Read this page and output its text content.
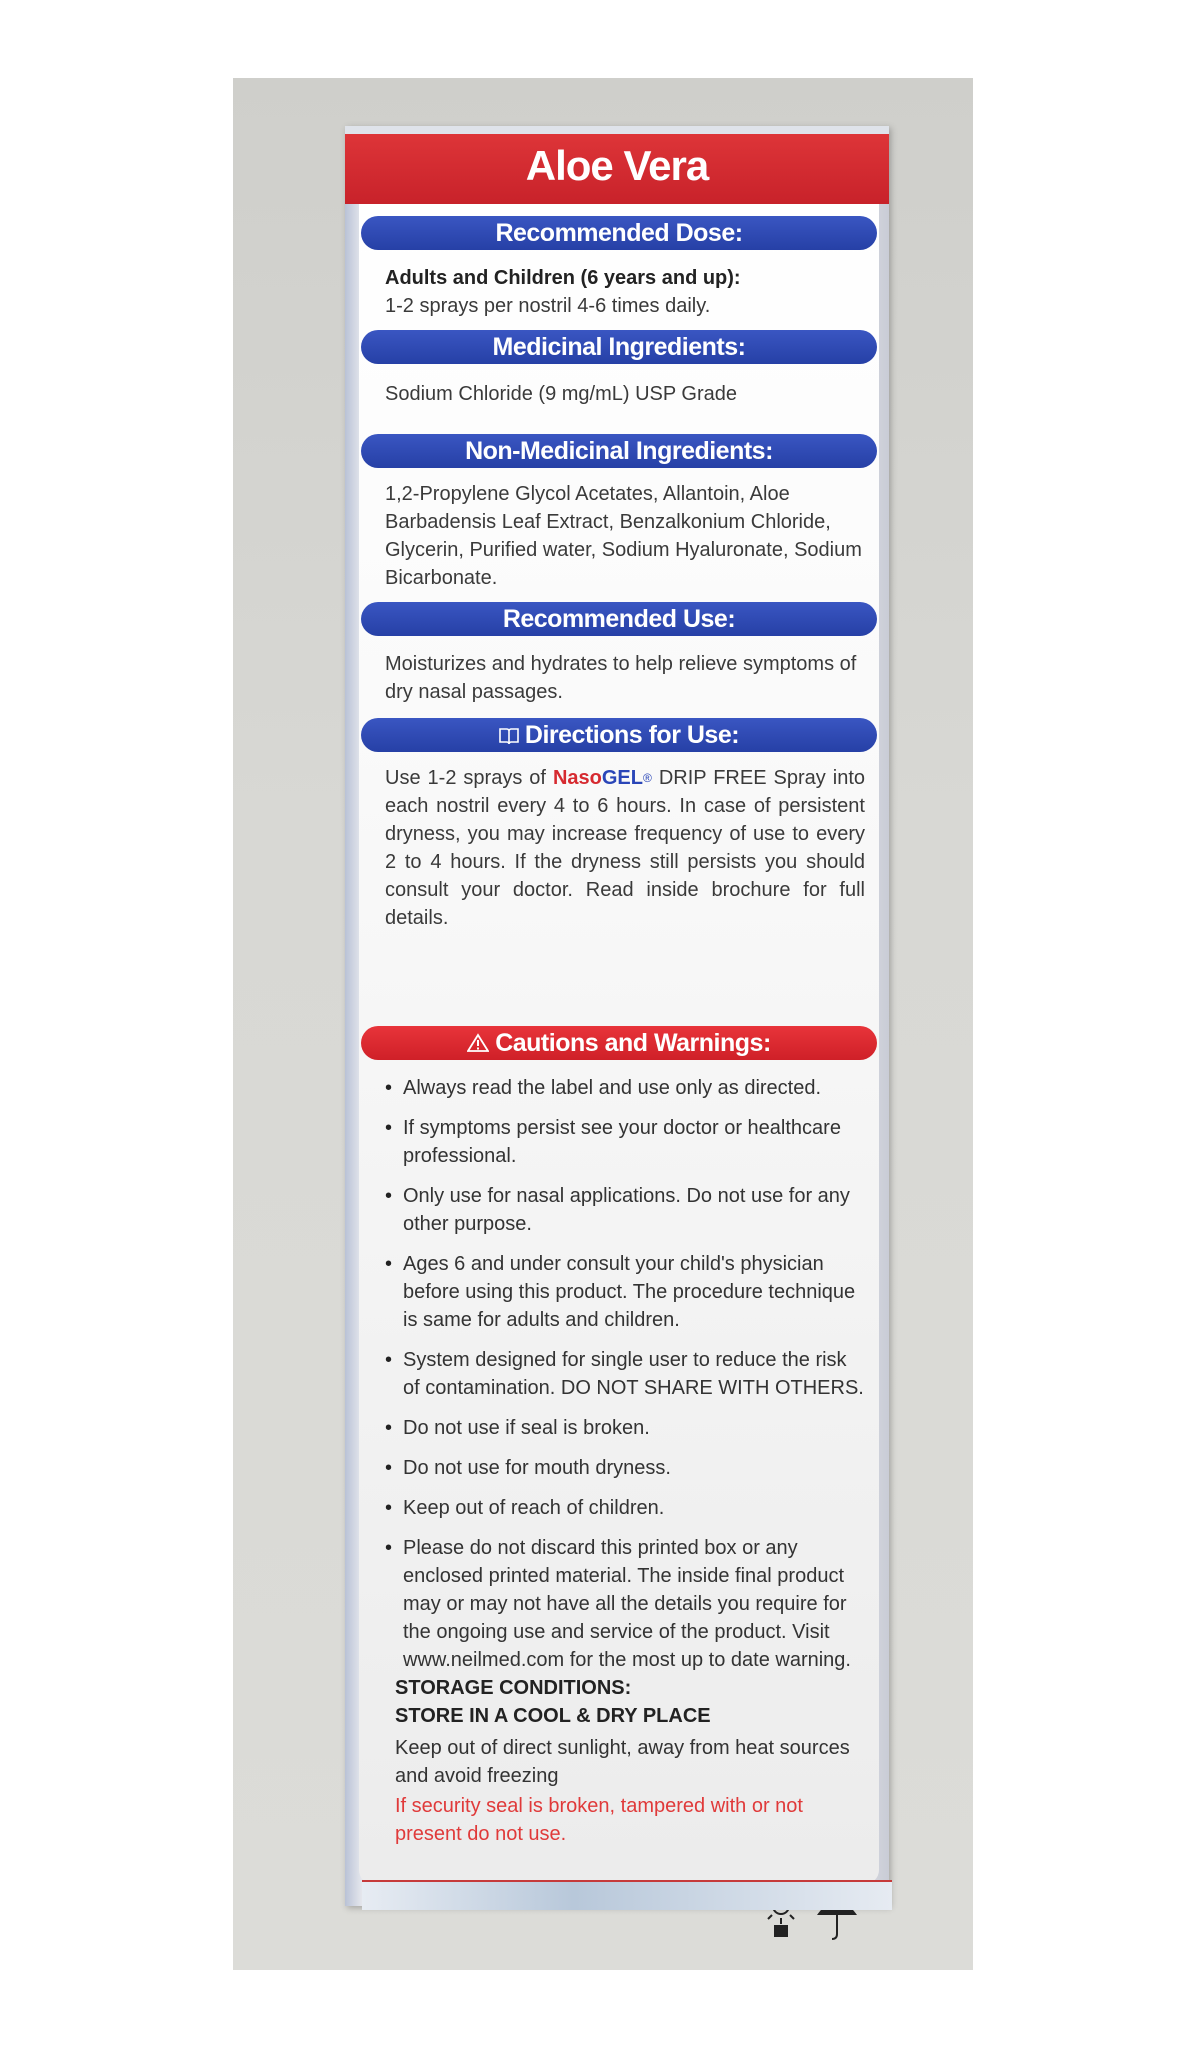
Aloe Vera
Recommended Dose:
Adults and Children (6 years and up):
1-2 sprays per nostril 4-6 times daily.
Medicinal Ingredients:
Sodium Chloride (9 mg/mL) USP Grade
Non-Medicinal Ingredients:
1,2-Propylene Glycol Acetates, Allantoin, Aloe Barbadensis Leaf Extract, Benzalkonium Chloride, Glycerin, Purified water, Sodium Hyaluronate, Sodium Bicarbonate.
Recommended Use:
Moisturizes and hydrates to help relieve symptoms of dry nasal passages.
Directions for Use:
Use 1-2 sprays of NasoGEL® DRIP FREE Spray into each nostril every 4 to 6 hours. In case of persistent dryness, you may increase frequency of use to every 2 to 4 hours. If the dryness still persists you should consult your doctor. Read inside brochure for full details.
Cautions and Warnings:
• Always read the label and use only as directed.
• If symptoms persist see your doctor or healthcare professional.
• Only use for nasal applications. Do not use for any other purpose.
• Ages 6 and under consult your child's physician before using this product. The procedure technique is same for adults and children.
• System designed for single user to reduce the risk of contamination. DO NOT SHARE WITH OTHERS.
• Do not use if seal is broken.
• Do not use for mouth dryness.
• Keep out of reach of children.
• Please do not discard this printed box or any enclosed printed material. The inside final product may or may not have all the details you require for the ongoing use and service of the product. Visit www.neilmed.com for the most up to date warning.
STORAGE CONDITIONS:
STORE IN A COOL & DRY PLACE
Keep out of direct sunlight, away from heat sources and avoid freezing
If security seal is broken, tampered with or not present do not use.
